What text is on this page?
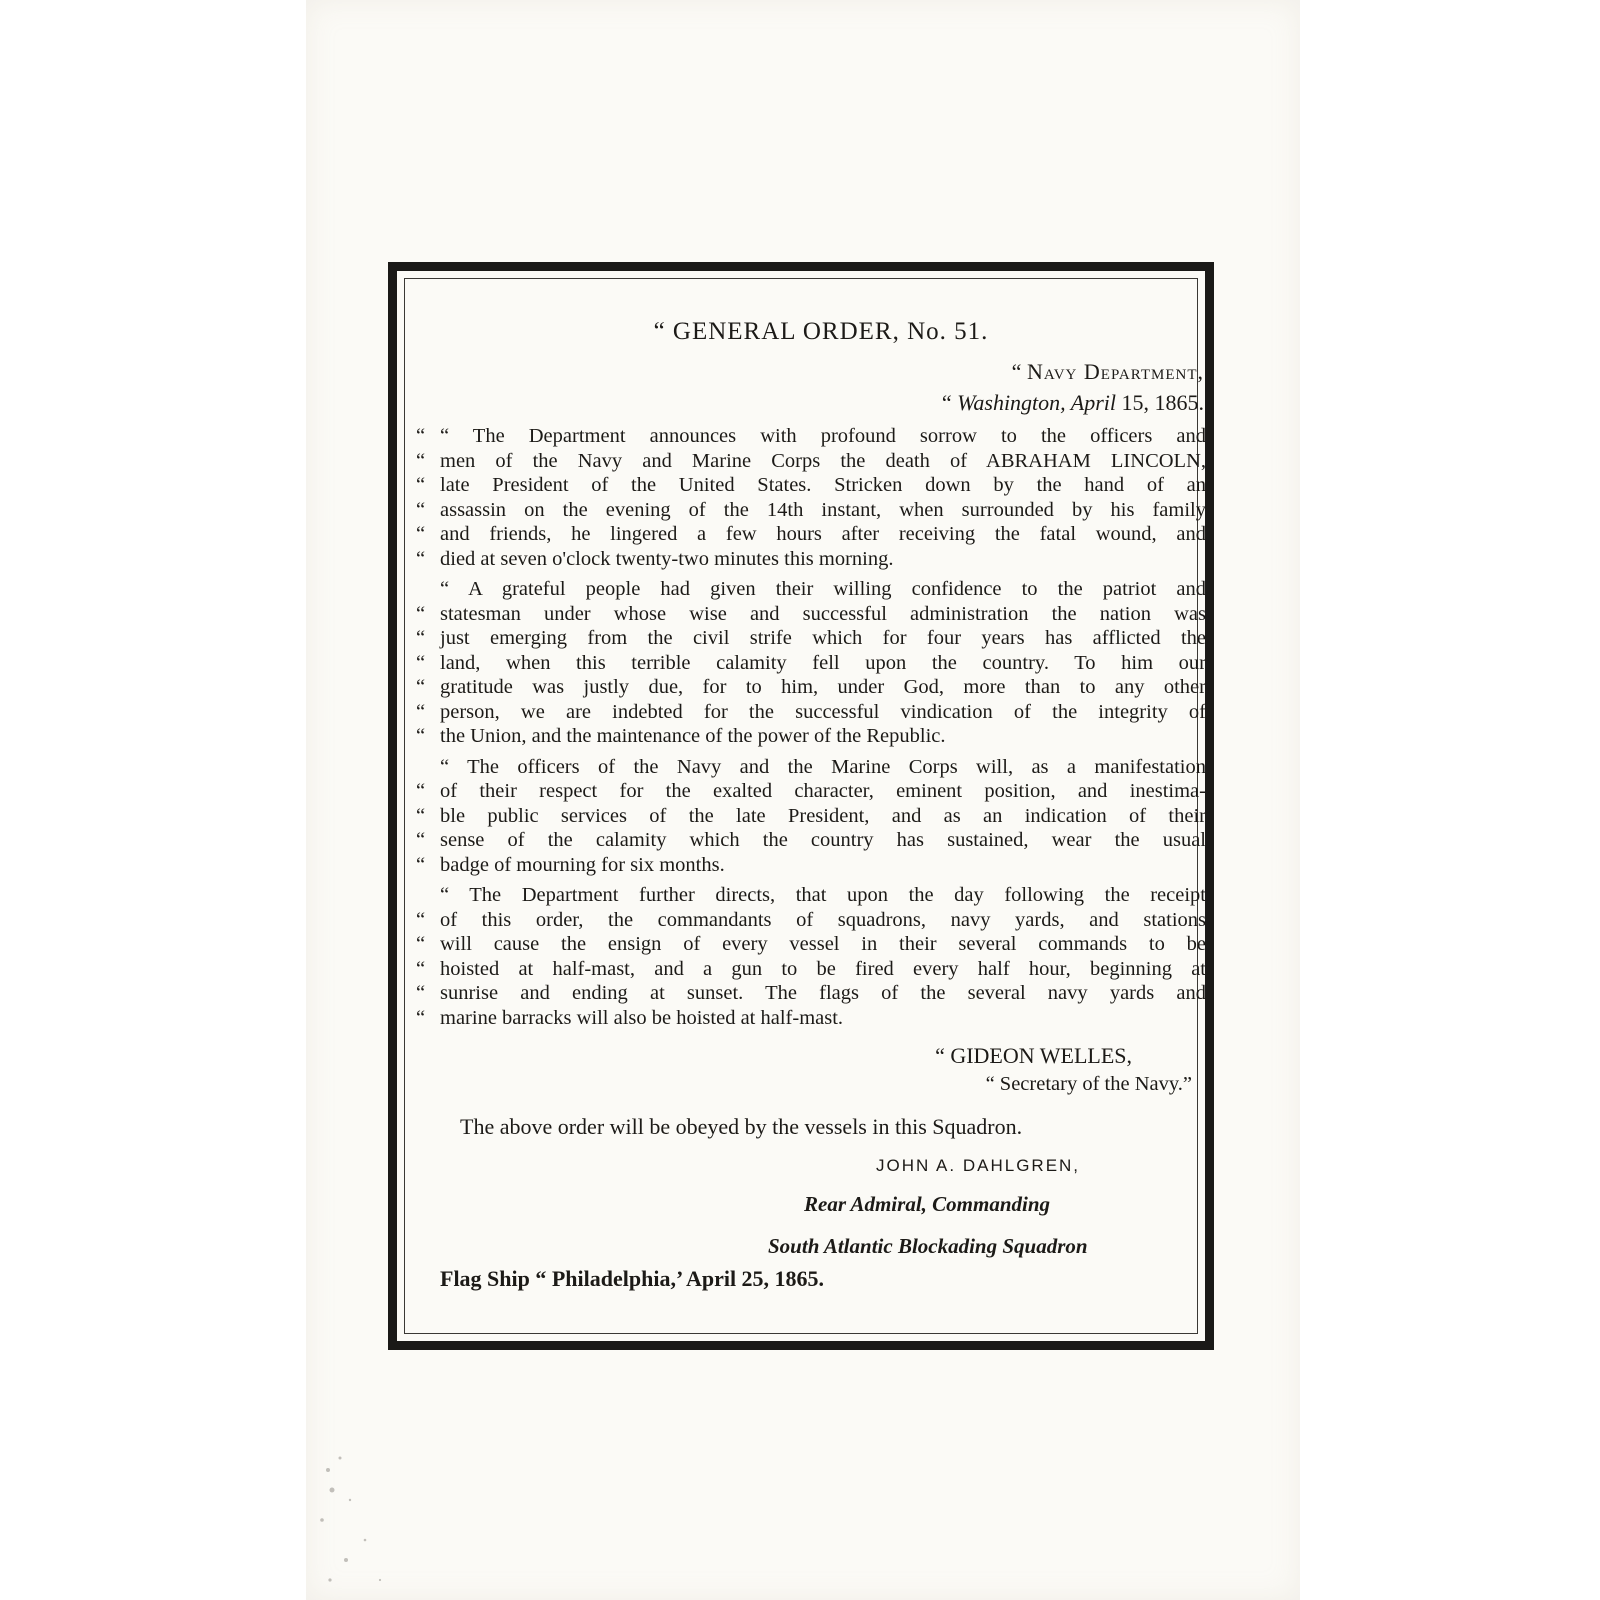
“ GENERAL ORDER, No. 51.
“ Navy Department,
“ Washington, April 15, 1865.
“ “ The Department announces with profound sorrow to the officers and
“ men of the Navy and Marine Corps the death of ABRAHAM LINCOLN,
“ late President of the United States. Stricken down by the hand of an
“ assassin on the evening of the 14th instant, when surrounded by his family
“ and friends, he lingered a few hours after receiving the fatal wound, and
“ died at seven o'clock twenty-two minutes this morning.
“ A grateful people had given their willing confidence to the patriot and
“ statesman under whose wise and successful administration the nation was
“ just emerging from the civil strife which for four years has afflicted the
“ land, when this terrible calamity fell upon the country. To him our
“ gratitude was justly due, for to him, under God, more than to any other
“ person, we are indebted for the successful vindication of the integrity of
“ the Union, and the maintenance of the power of the Republic.
“ The officers of the Navy and the Marine Corps will, as a manifestation
“ of their respect for the exalted character, eminent position, and inestima-
“ ble public services of the late President, and as an indication of their
“ sense of the calamity which the country has sustained, wear the usual
“ badge of mourning for six months.
“ The Department further directs, that upon the day following the receipt
“ of this order, the commandants of squadrons, navy yards, and stations
“ will cause the ensign of every vessel in their several commands to be
“ hoisted at half-mast, and a gun to be fired every half hour, beginning at
“ sunrise and ending at sunset. The flags of the several navy yards and
“ marine barracks will also be hoisted at half-mast.
“ GIDEON WELLES,
“ Secretary of the Navy.”
The above order will be obeyed by the vessels in this Squadron.
JOHN A. DAHLGREN,
Rear Admiral, Commanding
South Atlantic Blockading Squadron
Flag Ship “ Philadelphia,’ April 25, 1865.
